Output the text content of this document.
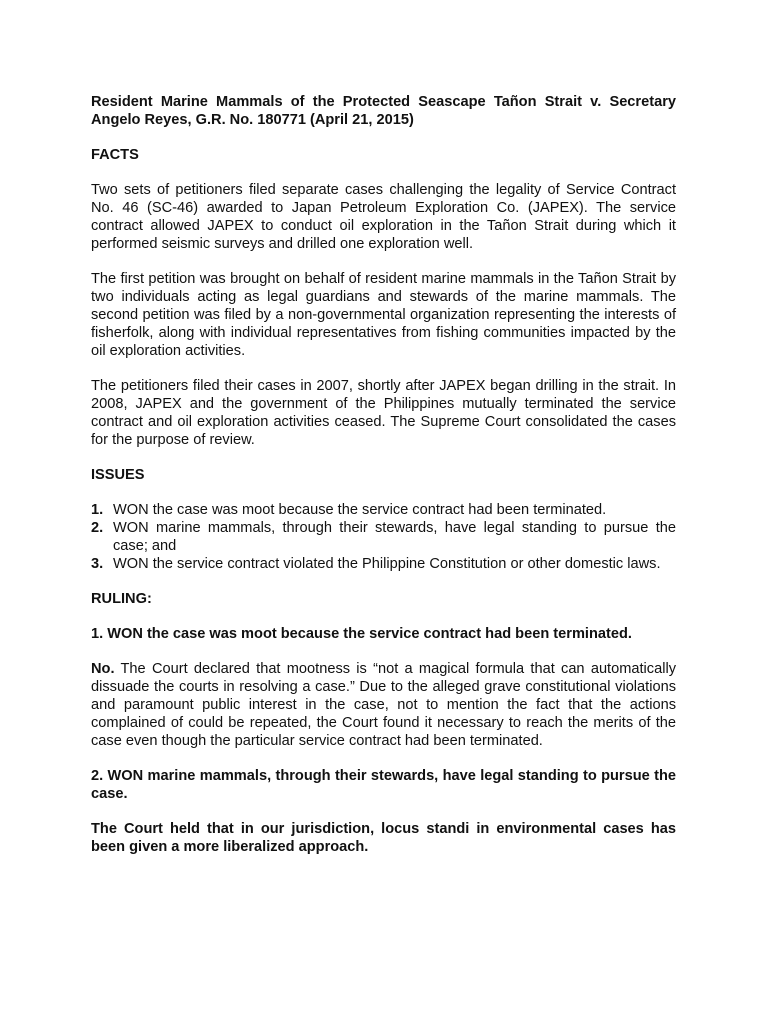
Resident Marine Mammals of the Protected Seascape Tañon Strait v. Secretary Angelo Reyes, G.R. No. 180771 (April 21, 2015)
FACTS

Two sets of petitioners filed separate cases challenging the legality of Service Contract No. 46 (SC-46) awarded to Japan Petroleum Exploration Co. (JAPEX). The service contract allowed JAPEX to conduct oil exploration in the Tañon Strait during which it performed seismic surveys and drilled one exploration well.

The first petition was brought on behalf of resident marine mammals in the Tañon Strait by two individuals acting as legal guardians and stewards of the marine mammals. The second petition was filed by a non-governmental organization representing the interests of fisherfolk, along with individual representatives from fishing communities impacted by the oil exploration activities.

The petitioners filed their cases in 2007, shortly after JAPEX began drilling in the strait. In 2008, JAPEX and the government of the Philippines mutually terminated the service contract and oil exploration activities ceased. The Supreme Court consolidated the cases for the purpose of review.

ISSUES
1. WON the case was moot because the service contract had been terminated.
2. WON marine mammals, through their stewards, have legal standing to pursue the case; and
3. WON the service contract violated the Philippine Constitution or other domestic laws.
RULING:
1. WON the case was moot because the service contract had been terminated.

No. The Court declared that mootness is “not a magical formula that can automatically dissuade the courts in resolving a case.” Due to the alleged grave constitutional violations and paramount public interest in the case, not to mention the fact that the actions complained of could be repeated, the Court found it necessary to reach the merits of the case even though the particular service contract had been terminated.

2. WON marine mammals, through their stewards, have legal standing to pursue the case.

The Court held that in our jurisdiction, locus standi in environmental cases has been given a more liberalized approach.
